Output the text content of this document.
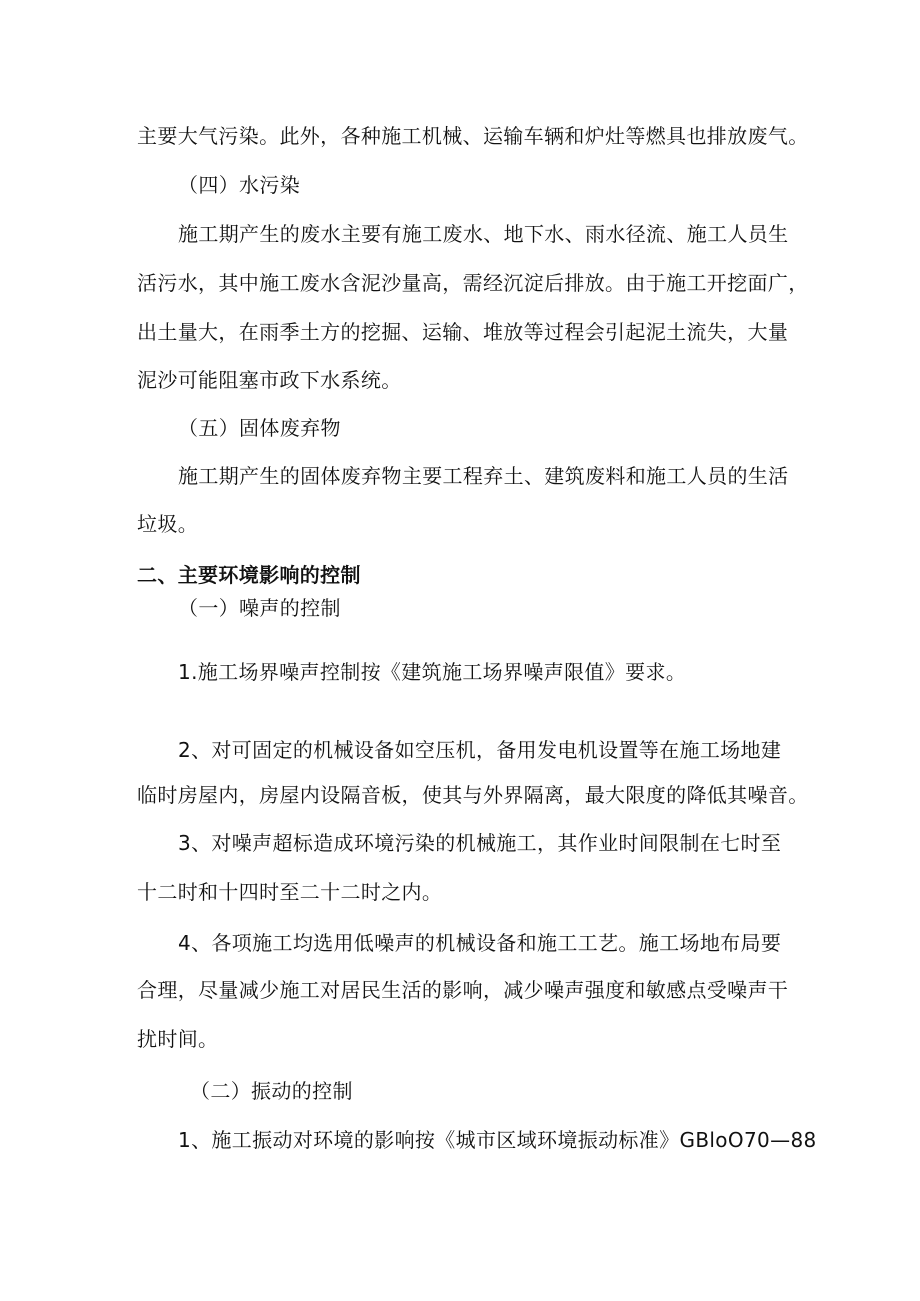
主要大气污染。此外，各种施工机械、运输车辆和炉灶等燃具也排放废气。
（四）水污染
施工期产生的废水主要有施工废水、地下水、雨水径流、施工人员生
活污水，其中施工废水含泥沙量高，需经沉淀后排放。由于施工开挖面广，
出土量大，在雨季土方的挖掘、运输、堆放等过程会引起泥土流失，大量
泥沙可能阻塞市政下水系统。
（五）固体废弃物
施工期产生的固体废弃物主要工程弃土、建筑废料和施工人员的生活
垃圾。
二、主要环境影响的控制
（一）噪声的控制
1.施工场界噪声控制按《建筑施工场界噪声限值》要求。
2、对可固定的机械设备如空压机，备用发电机设置等在施工场地建
临时房屋内，房屋内设隔音板，使其与外界隔离，最大限度的降低其噪音。
3、对噪声超标造成环境污染的机械施工，其作业时间限制在七时至
十二时和十四时至二十二时之内。
4、各项施工均选用低噪声的机械设备和施工工艺。施工场地布局要
合理，尽量减少施工对居民生活的影响，减少噪声强度和敏感点受噪声干
扰时间。
（二）振动的控制
1、施工振动对环境的影响按《城市区域环境振动标准》GBloO70—88
